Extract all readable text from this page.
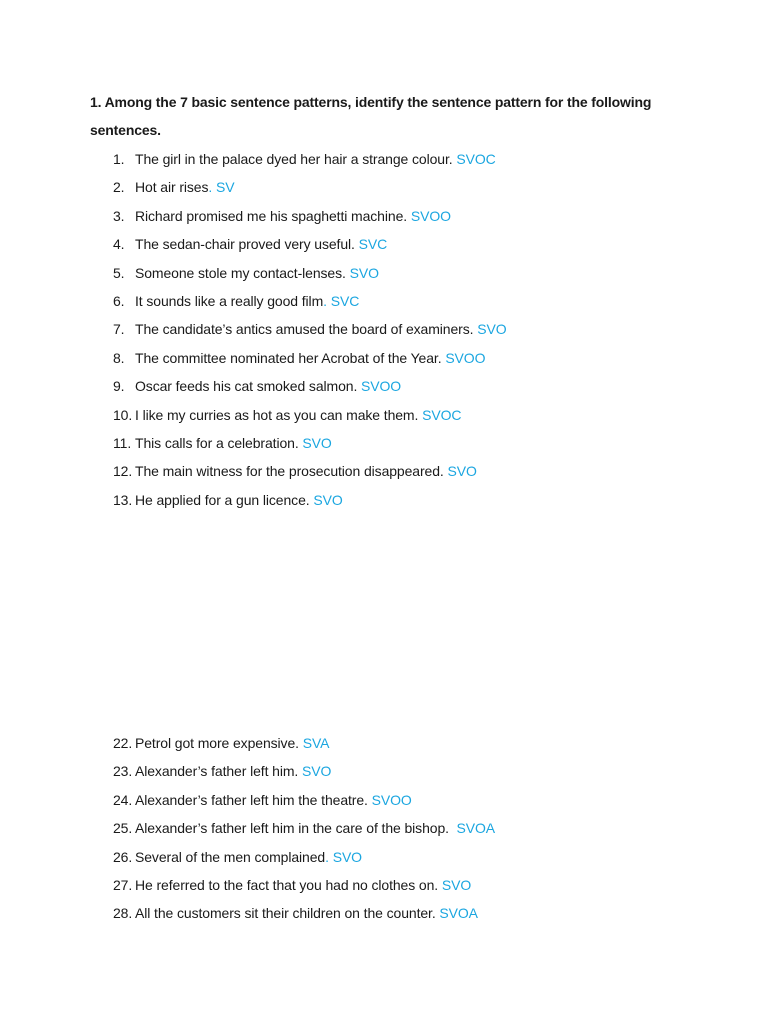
1. Among the 7 basic sentence patterns, identify the sentence pattern for the following sentences.
1. The girl in the palace dyed her hair a strange colour. SVOC
2. Hot air rises. SV
3. Richard promised me his spaghetti machine. SVOO
4. The sedan-chair proved very useful. SVC
5. Someone stole my contact-lenses. SVO
6. It sounds like a really good film. SVC
7. The candidate’s antics amused the board of examiners. SVO
8. The committee nominated her Acrobat of the Year. SVOO
9. Oscar feeds his cat smoked salmon. SVOO
10. I like my curries as hot as you can make them. SVOC
11. This calls for a celebration. SVO
12. The main witness for the prosecution disappeared. SVO
13. He applied for a gun licence. SVO
22. Petrol got more expensive. SVA
23. Alexander’s father left him. SVO
24. Alexander’s father left him the theatre. SVOO
25. Alexander’s father left him in the care of the bishop. SVOA
26. Several of the men complained. SVO
27. He referred to the fact that you had no clothes on. SVO
28. All the customers sit their children on the counter. SVOA
